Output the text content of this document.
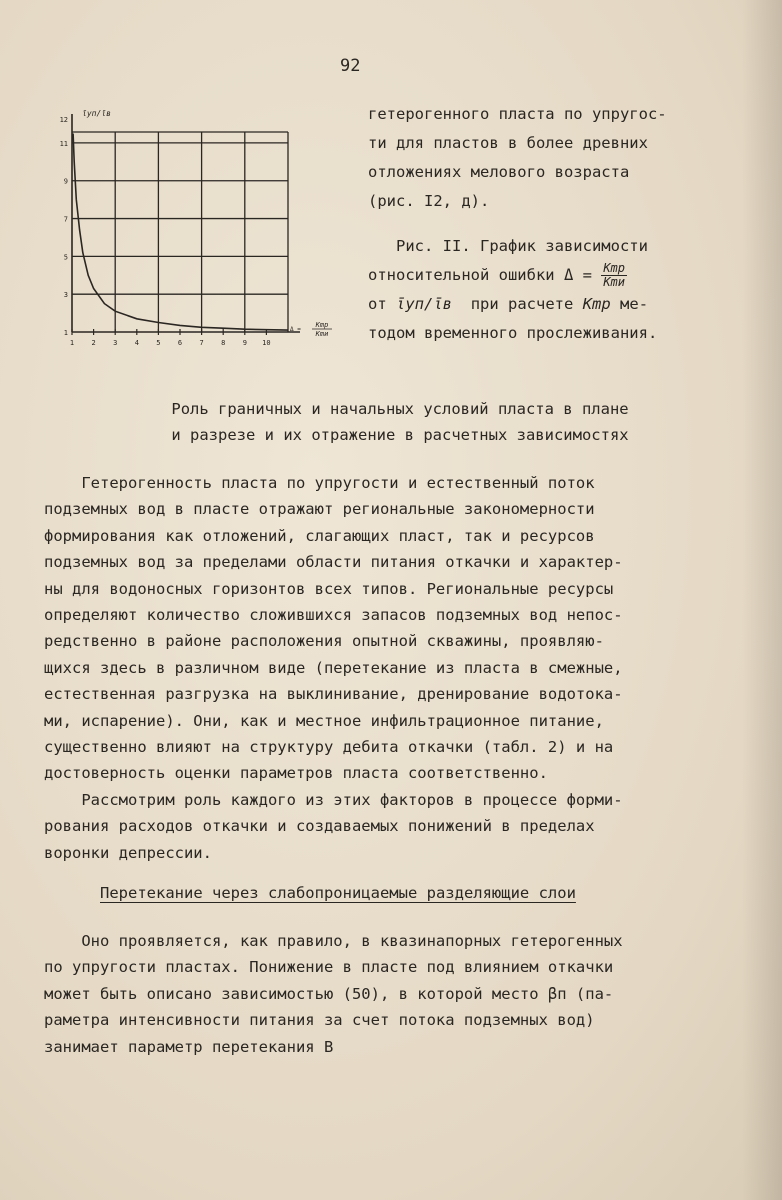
92
1 2 3 4 5 6 7 8 9 10
1
3
5
7
9
11
12
ῑуп/ῑв
Δ =
Kmр
Kmи
гетерогенного пласта по упругос-
ти для пластов в более древних
отложениях мелового возраста
(рис. I2, д).
Рис. II. График зависимости
относительной ошибки $\Delta = \frac{\text{Kmр}}{\text{Kmи}}$
от ῑуп/ῑв при расчете Kmр ме-
тодом временного прослеживания.
Роль граничных и начальных условий пласта в плане
и разрезе и их отражение в расчетных зависимостях
Гетерогенность пласта по упругости и естественный поток
подземных вод в пласте отражают региональные закономерности
формирования как отложений, слагающих пласт, так и ресурсов
подземных вод за пределами области питания откачки и характер-
ны для водоносных горизонтов всех типов. Региональные ресурсы
определяют количество сложившихся запасов подземных вод непос-
редственно в районе расположения опытной скважины, проявляю-
щихся здесь в различном виде (перетекание из пласта в смежные,
естественная разгрузка на выклинивание, дренирование водотока-
ми, испарение). Они, как и местное инфильтрационное питание,
существенно влияют на структуру дебита откачки (табл. 2) и на
достоверность оценки параметров пласта соответственно.
Рассмотрим роль каждого из этих факторов в процессе форми-
рования расходов откачки и создаваемых понижений в пределах
воронки депрессии.
Перетекание через слабопроницаемые разделяющие слои
Оно проявляется, как правило, в квазинапорных гетерогенных
по упругости пластах. Понижение в пласте под влиянием откачки
может быть описано зависимостью (50), в которой место βп (па-
раметра интенсивности питания за счет потока подземных вод)
занимает параметр перетекания B
